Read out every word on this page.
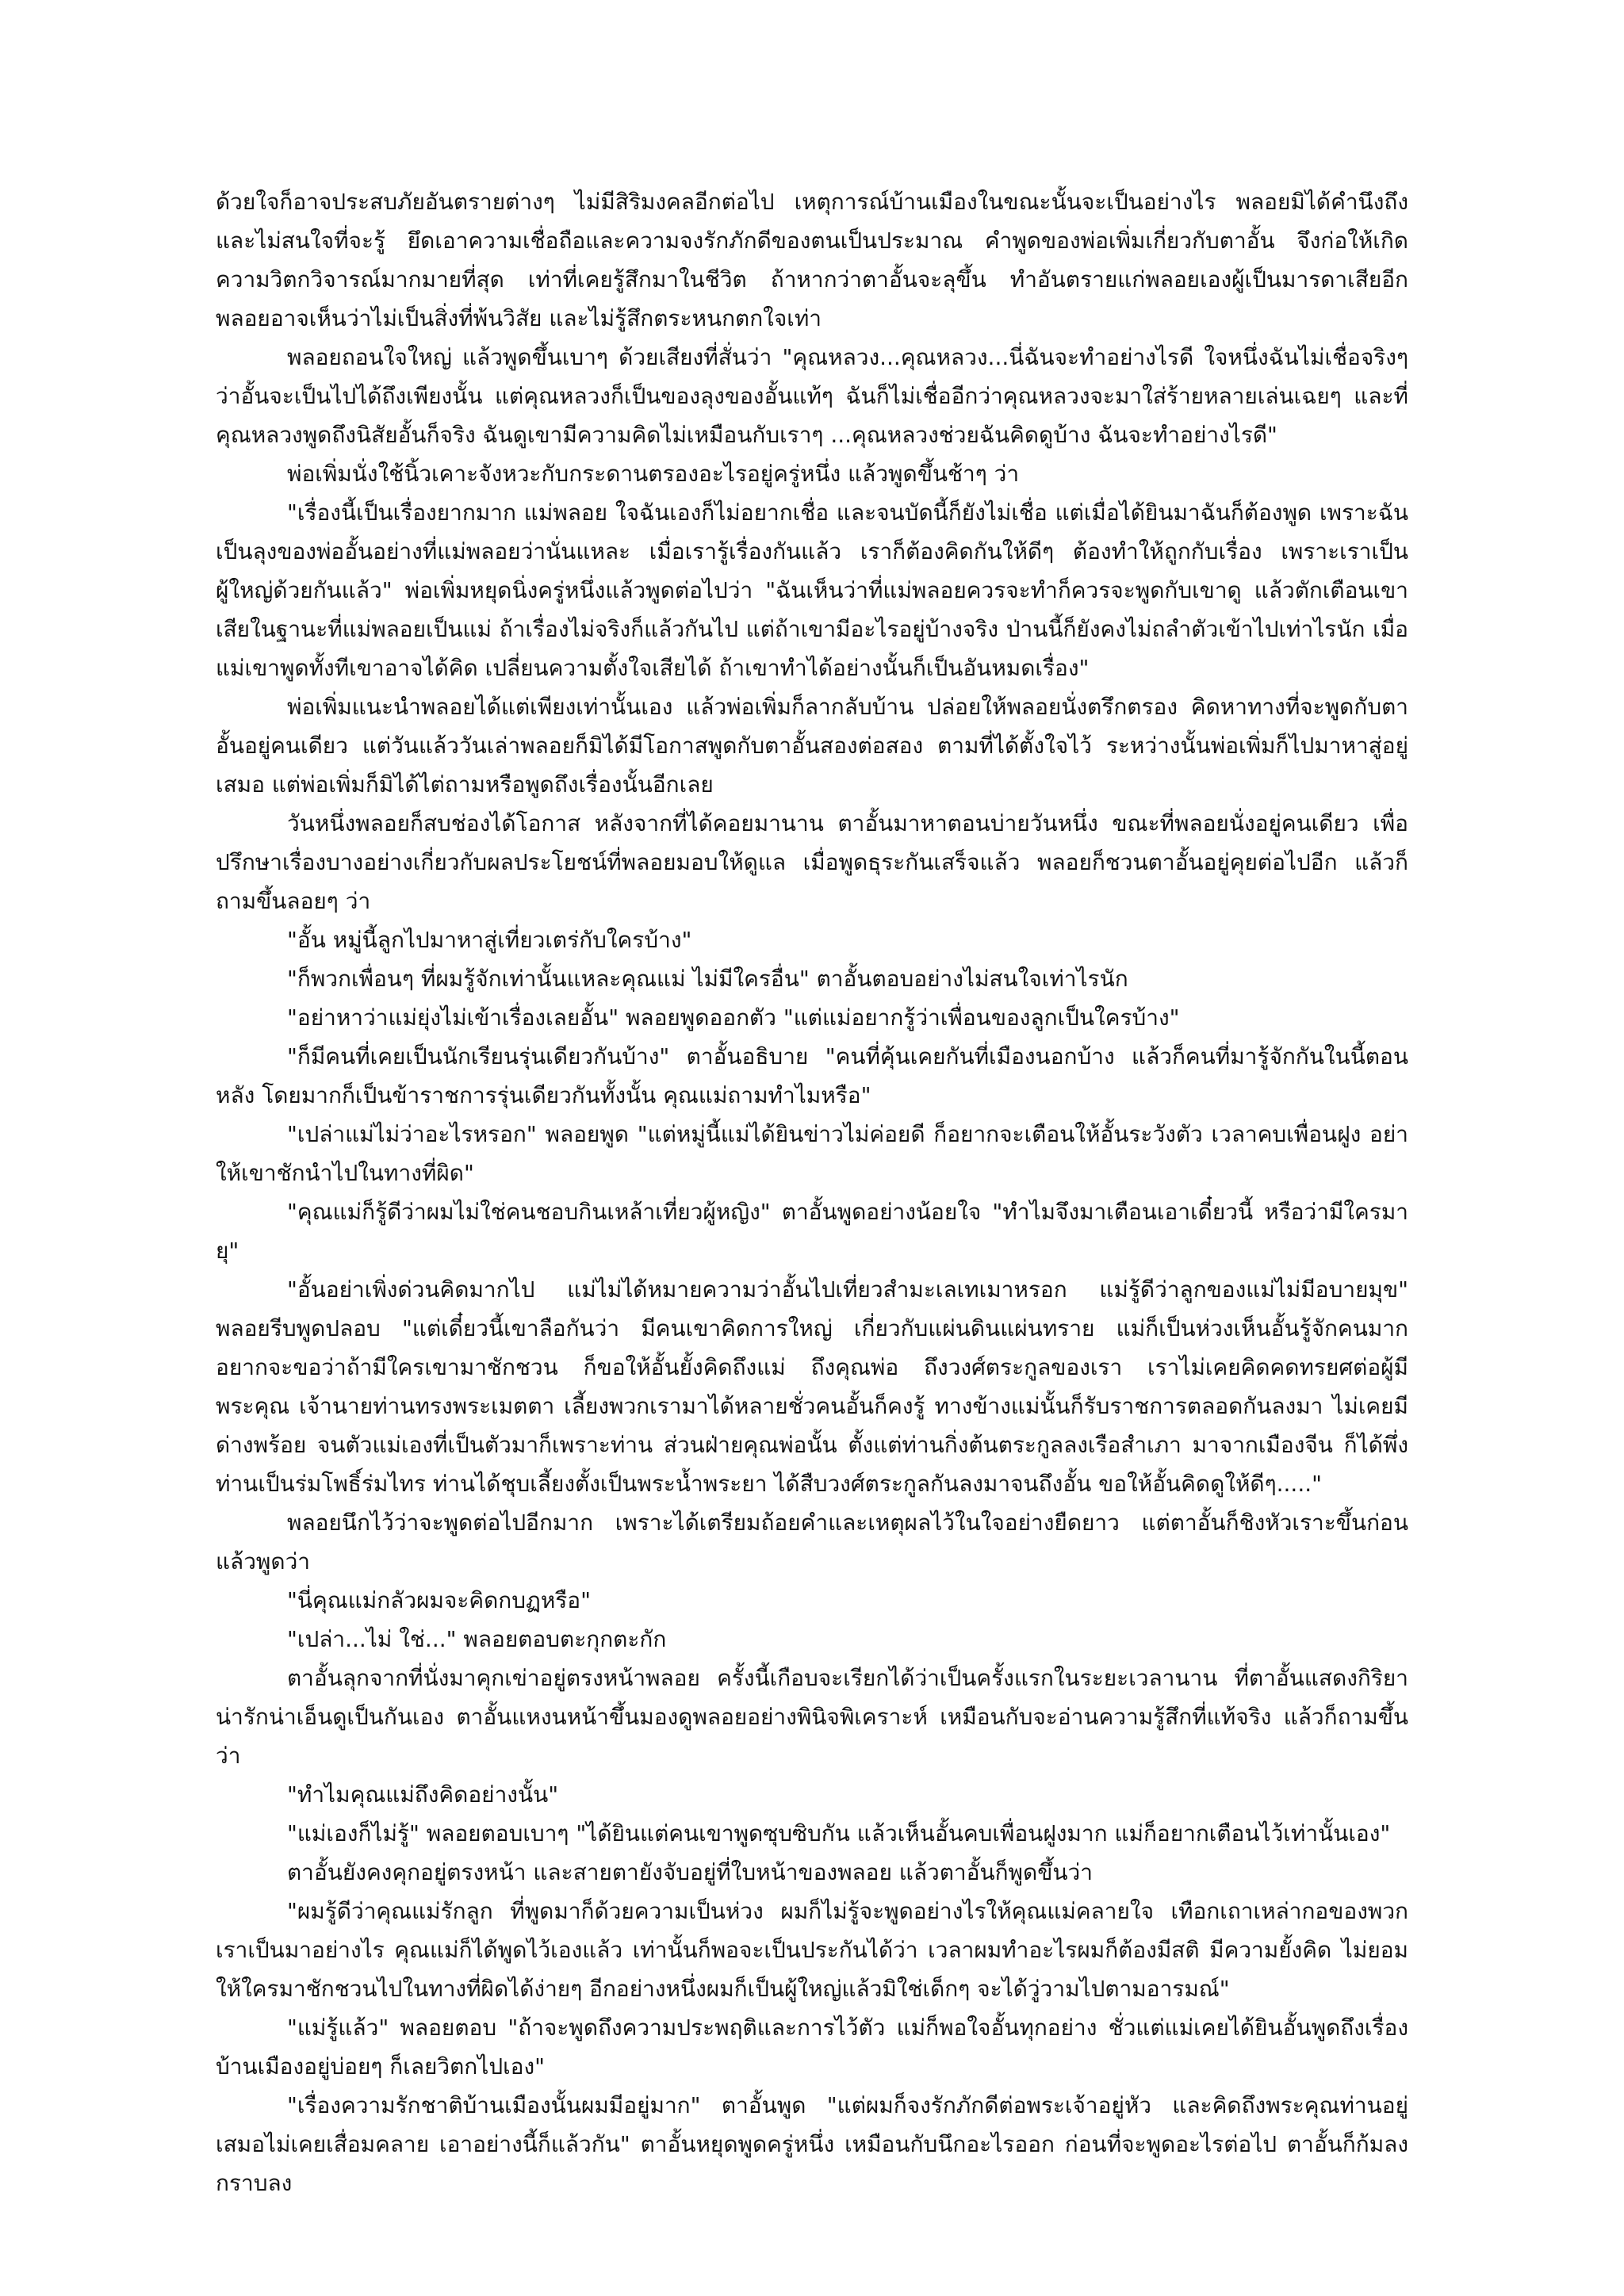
ด้วยใจก็อาจประสบภัยอันตรายต่างๆ ไม่มีสิริมงคลอีกต่อไป เหตุการณ์บ้านเมืองในขณะนั้นจะเป็นอย่างไร พลอยมิได้คำนึงถึงและไม่สนใจที่จะรู้ ยึดเอาความเชื่อถือและความจงรักภักดีของตนเป็นประมาณ คำพูดของพ่อเพิ่มเกี่ยวกับตาอั้น จึงก่อให้เกิดความวิตกวิจารณ์มากมายที่สุด เท่าที่เคยรู้สึกมาในชีวิต ถ้าหากว่าตาอั้นจะลุขึ้น ทำอันตรายแก่พลอยเองผู้เป็นมารดาเสียอีก พลอยอาจเห็นว่าไม่เป็นสิ่งที่พ้นวิสัย และไม่รู้สึกตระหนกตกใจเท่า

พลอยถอนใจใหญ่ แล้วพูดขึ้นเบาๆ ด้วยเสียงที่สั่นว่า "คุณหลวง...คุณหลวง...นี่ฉันจะทำอย่างไรดี ใจหนึ่งฉันไม่เชื่อจริงๆ ว่าอั้นจะเป็นไปได้ถึงเพียงนั้น แต่คุณหลวงก็เป็นของลุงของอั้นแท้ๆ ฉันก็ไม่เชื่ออีกว่าคุณหลวงจะมาใส่ร้ายหลายเล่นเฉยๆ และที่คุณหลวงพูดถึงนิสัยอั้นก็จริง ฉันดูเขามีความคิดไม่เหมือนกับเราๆ ...คุณหลวงช่วยฉันคิดดูบ้าง ฉันจะทำอย่างไรดี"

พ่อเพิ่มนั่งใช้นิ้วเคาะจังหวะกับกระดานตรองอะไรอยู่ครู่หนึ่ง แล้วพูดขึ้นช้าๆ ว่า

"เรื่องนี้เป็นเรื่องยากมาก แม่พลอย ใจฉันเองก็ไม่อยากเชื่อ และจนบัดนี้ก็ยังไม่เชื่อ แต่เมื่อได้ยินมาฉันก็ต้องพูด เพราะฉันเป็นลุงของพ่ออั้นอย่างที่แม่พลอยว่านั่นแหละ เมื่อเรารู้เรื่องกันแล้ว เราก็ต้องคิดกันให้ดีๆ ต้องทำให้ถูกกับเรื่อง เพราะเราเป็นผู้ใหญ่ด้วยกันแล้ว" พ่อเพิ่มหยุดนิ่งครู่หนึ่งแล้วพูดต่อไปว่า "ฉันเห็นว่าที่แม่พลอยควรจะทำก็ควรจะพูดกับเขาดู แล้วตักเตือนเขาเสียในฐานะที่แม่พลอยเป็นแม่ ถ้าเรื่องไม่จริงก็แล้วกันไป แต่ถ้าเขามีอะไรอยู่บ้างจริง ป่านนี้ก็ยังคงไม่ถลำตัวเข้าไปเท่าไรนัก เมื่อแม่เขาพูดทั้งทีเขาอาจได้คิด เปลี่ยนความตั้งใจเสียได้ ถ้าเขาทำได้อย่างนั้นก็เป็นอันหมดเรื่อง"

พ่อเพิ่มแนะนำพลอยได้แต่เพียงเท่านั้นเอง แล้วพ่อเพิ่มก็ลากลับบ้าน ปล่อยให้พลอยนั่งตรึกตรอง คิดหาทางที่จะพูดกับตาอั้นอยู่คนเดียว แต่วันแล้ววันเล่าพลอยก็มิได้มีโอกาสพูดกับตาอั้นสองต่อสอง ตามที่ได้ตั้งใจไว้ ระหว่างนั้นพ่อเพิ่มก็ไปมาหาสู่อยู่เสมอ แต่พ่อเพิ่มก็มิได้ไต่ถามหรือพูดถึงเรื่องนั้นอีกเลย

วันหนึ่งพลอยก็สบช่องได้โอกาส หลังจากที่ได้คอยมานาน ตาอั้นมาหาตอนบ่ายวันหนึ่ง ขณะที่พลอยนั่งอยู่คนเดียว เพื่อปรึกษาเรื่องบางอย่างเกี่ยวกับผลประโยชน์ที่พลอยมอบให้ดูแล เมื่อพูดธุระกันเสร็จแล้ว พลอยก็ชวนตาอั้นอยู่คุยต่อไปอีก แล้วก็ถามขึ้นลอยๆ ว่า

"อั้น หมู่นี้ลูกไปมาหาสู่เที่ยวเตร่กับใครบ้าง"

"ก็พวกเพื่อนๆ ที่ผมรู้จักเท่านั้นแหละคุณแม่ ไม่มีใครอื่น" ตาอั้นตอบอย่างไม่สนใจเท่าไรนัก

"อย่าหาว่าแม่ยุ่งไม่เข้าเรื่องเลยอั้น" พลอยพูดออกตัว "แต่แม่อยากรู้ว่าเพื่อนของลูกเป็นใครบ้าง"

"ก็มีคนที่เคยเป็นนักเรียนรุ่นเดียวกันบ้าง" ตาอั้นอธิบาย "คนที่คุ้นเคยกันที่เมืองนอกบ้าง แล้วก็คนที่มารู้จักกันในนี้ตอนหลัง โดยมากก็เป็นข้าราชการรุ่นเดียวกันทั้งนั้น คุณแม่ถามทำไมหรือ"

"เปล่าแม่ไม่ว่าอะไรหรอก" พลอยพูด "แต่หมู่นี้แม่ได้ยินข่าวไม่ค่อยดี ก็อยากจะเตือนให้อั้นระวังตัว เวลาคบเพื่อนฝูง อย่าให้เขาชักนำไปในทางที่ผิด"

"คุณแม่ก็รู้ดีว่าผมไม่ใช่คนชอบกินเหล้าเที่ยวผู้หญิง" ตาอั้นพูดอย่างน้อยใจ "ทำไมจึงมาเตือนเอาเดี๋ยวนี้ หรือว่ามีใครมายุ"

"อั้นอย่าเพิ่งด่วนคิดมากไป แม่ไม่ได้หมายความว่าอั้นไปเที่ยวสำมะเลเทเมาหรอก แม่รู้ดีว่าลูกของแม่ไม่มีอบายมุข" พลอยรีบพูดปลอบ "แต่เดี๋ยวนี้เขาลือกันว่า มีคนเขาคิดการใหญ่ เกี่ยวกับแผ่นดินแผ่นทราย แม่ก็เป็นห่วงเห็นอั้นรู้จักคนมาก อยากจะขอว่าถ้ามีใครเขามาชักชวน ก็ขอให้อั้นยั้งคิดถึงแม่ ถึงคุณพ่อ ถึงวงศ์ตระกูลของเรา เราไม่เคยคิดคดทรยศต่อผู้มีพระคุณ เจ้านายท่านทรงพระเมตตา เลี้ยงพวกเรามาได้หลายชั่วคนอั้นก็คงรู้ ทางข้างแม่นั้นก็รับราชการตลอดกันลงมา ไม่เคยมีด่างพร้อย จนตัวแม่เองที่เป็นตัวมาก็เพราะท่าน ส่วนฝ่ายคุณพ่อนั้น ตั้งแต่ท่านกิ่งต้นตระกูลลงเรือสำเภา มาจากเมืองจีน ก็ได้พึ่งท่านเป็นร่มโพธิ์ร่มไทร ท่านได้ชุบเลี้ยงตั้งเป็นพระน้ำพระยา ได้สืบวงศ์ตระกูลกันลงมาจนถึงอั้น ขอให้อั้นคิดดูให้ดีๆ....."

พลอยนึกไว้ว่าจะพูดต่อไปอีกมาก เพราะได้เตรียมถ้อยคำและเหตุผลไว้ในใจอย่างยืดยาว แต่ตาอั้นก็ชิงหัวเราะขึ้นก่อน แล้วพูดว่า

"นี่คุณแม่กลัวผมจะคิดกบฏหรือ"

"เปล่า...ไม่ ใช่..." พลอยตอบตะกุกตะกัก

ตาอั้นลุกจากที่นั่งมาคุกเข่าอยู่ตรงหน้าพลอย ครั้งนี้เกือบจะเรียกได้ว่าเป็นครั้งแรกในระยะเวลานาน ที่ตาอั้นแสดงกิริยาน่ารักน่าเอ็นดูเป็นกันเอง ตาอั้นแหงนหน้าขึ้นมองดูพลอยอย่างพินิจพิเคราะห์ เหมือนกับจะอ่านความรู้สึกที่แท้จริง แล้วก็ถามขึ้นว่า

"ทำไมคุณแม่ถึงคิดอย่างนั้น"

"แม่เองก็ไม่รู้" พลอยตอบเบาๆ "ได้ยินแต่คนเขาพูดซุบซิบกัน แล้วเห็นอั้นคบเพื่อนฝูงมาก แม่ก็อยากเตือนไว้เท่านั้นเอง"

ตาอั้นยังคงคุกอยู่ตรงหน้า และสายตายังจับอยู่ที่ใบหน้าของพลอย แล้วตาอั้นก็พูดขึ้นว่า

"ผมรู้ดีว่าคุณแม่รักลูก ที่พูดมาก็ด้วยความเป็นห่วง ผมก็ไม่รู้จะพูดอย่างไรให้คุณแม่คลายใจ เทือกเถาเหล่ากอของพวกเราเป็นมาอย่างไร คุณแม่ก็ได้พูดไว้เองแล้ว เท่านั้นก็พอจะเป็นประกันได้ว่า เวลาผมทำอะไรผมก็ต้องมีสติ มีความยั้งคิด ไม่ยอมให้ใครมาชักชวนไปในทางที่ผิดได้ง่ายๆ อีกอย่างหนึ่งผมก็เป็นผู้ใหญ่แล้วมิใช่เด็กๆ จะได้วู่วามไปตามอารมณ์"

"แม่รู้แล้ว" พลอยตอบ "ถ้าจะพูดถึงความประพฤติและการไว้ตัว แม่ก็พอใจอั้นทุกอย่าง ชั่วแต่แม่เคยได้ยินอั้นพูดถึงเรื่องบ้านเมืองอยู่บ่อยๆ ก็เลยวิตกไปเอง"

"เรื่องความรักชาติบ้านเมืองนั้นผมมีอยู่มาก" ตาอั้นพูด "แต่ผมก็จงรักภักดีต่อพระเจ้าอยู่หัว และคิดถึงพระคุณท่านอยู่เสมอไม่เคยเสื่อมคลาย เอาอย่างนี้ก็แล้วกัน" ตาอั้นหยุดพูดครู่หนึ่ง เหมือนกับนึกอะไรออก ก่อนที่จะพูดอะไรต่อไป ตาอั้นก็ก้มลงกราบลง
